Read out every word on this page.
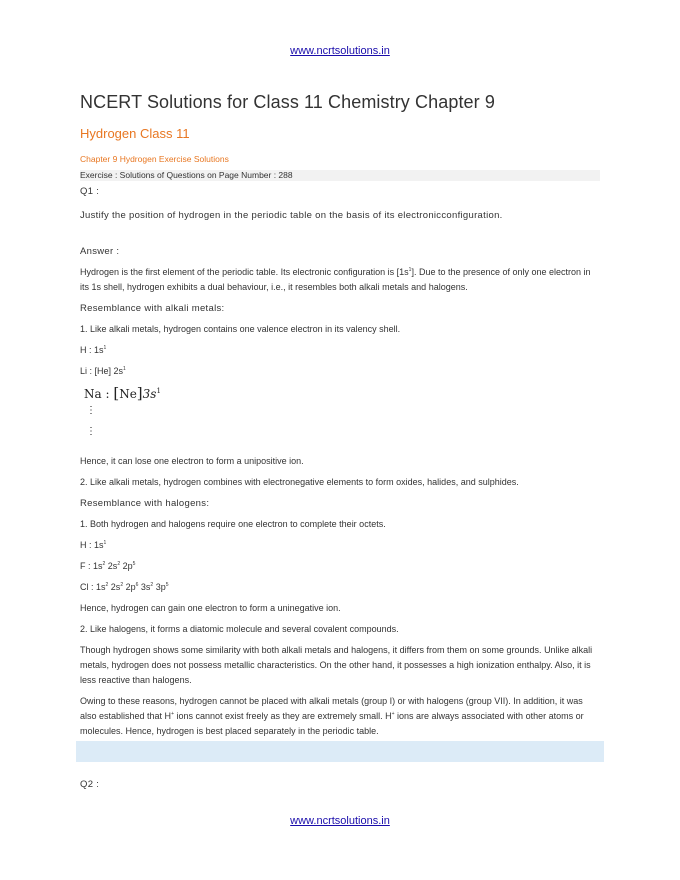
www.ncrtsolutions.in
NCERT Solutions for Class 11 Chemistry Chapter 9
Hydrogen Class 11
Chapter 9 Hydrogen Exercise Solutions
Exercise : Solutions of Questions on Page Number : 288
Q1 :
Justify the position of hydrogen in the periodic table on the basis of its electronicconfiguration.
Answer :
Hydrogen is the first element of the periodic table. Its electronic configuration is $[1s^1]$. Due to the presence of only one electron in its 1s shell, hydrogen exhibits a dual behaviour, i.e., it resembles both alkali metals and halogens.
Resemblance with alkali metals:
1. Like alkali metals, hydrogen contains one valence electron in its valency shell.
H : $1s^1$
Li : [He] $2s^1$
Na : $[Ne]3s^1$
⋮
⋮
Hence, it can lose one electron to form a unipositive ion.
2. Like alkali metals, hydrogen combines with electronegative elements to form oxides, halides, and sulphides.
Resemblance with halogens:
1. Both hydrogen and halogens require one electron to complete their octets.
H : $1s^1$
F : $1s^2$ $2s^2$ $2p^5$
Cl : $1s^2$ $2s^2$ $2p^6$ $3s^2$ $3p^5$
Hence, hydrogen can gain one electron to form a uninegative ion.
2. Like halogens, it forms a diatomic molecule and several covalent compounds.
Though hydrogen shows some similarity with both alkali metals and halogens, it differs from them on some grounds. Unlike alkali metals, hydrogen does not possess metallic characteristics. On the other hand, it possesses a high ionization enthalpy. Also, it is less reactive than halogens.
Owing to these reasons, hydrogen cannot be placed with alkali metals (group I) or with halogens (group VII). In addition, it was also established that H+ ions cannot exist freely as they are extremely small. H+ ions are always associated with other atoms or molecules. Hence, hydrogen is best placed separately in the periodic table.
Q2 :
www.ncrtsolutions.in
